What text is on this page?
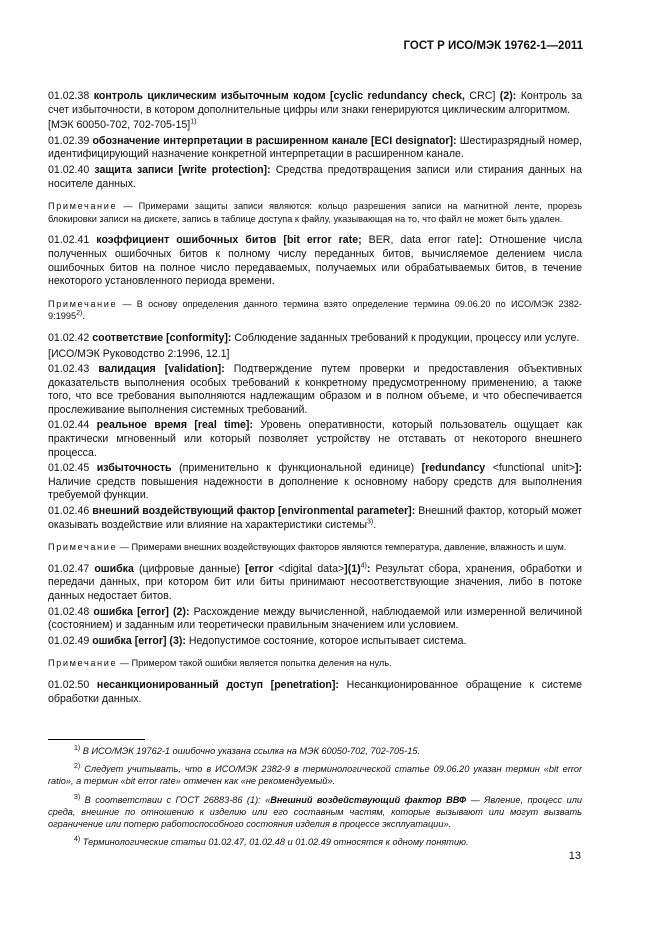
ГОСТ Р ИСО/МЭК 19762-1—2011

01.02.38 контроль циклическим избыточным кодом [cyclic redundancy check, CRC] (2): Контроль за счет избыточности, в котором дополнительные цифры или знаки генерируются циклическим алгоритмом.

[МЭК 60050-702, 702-705-15]$^{1)}$

01.02.39 обозначение интерпретации в расширенном канале [ECI designator]: Шестиразрядный номер, идентифицирующий назначение конкретной интерпретации в расширенном канале.

01.02.40 защита записи [write protection]: Средства предотвращения записи или стирания данных на носителе данных.

Примечание — Примерами защиты записи являются: кольцо разрешения записи на магнитной ленте, прорезь блокировки записи на дискете, запись в таблице доступа к файлу, указывающая на то, что файл не может быть удален.

01.02.41 коэффициент ошибочных битов [bit error rate; BER, data error rate]: Отношение числа полученных ошибочных битов к полному числу переданных битов, вычисляемое делением числа ошибочных битов на полное число передаваемых, получаемых или обрабатываемых битов, в течение некоторого установленного периода времени.

Примечание — В основу определения данного термина взято определение термина 09.06.20 по ИСО/МЭК 2382-9:1995$^{2)}$.

01.02.42 соответствие [conformity]: Соблюдение заданных требований к продукции, процессу или услуге.

[ИСО/МЭК Руководство 2:1996, 12.1]

01.02.43 валидация [validation]: Подтверждение путем проверки и предоставления объективных доказательств выполнения особых требований к конкретному предусмотренному применению, а также того, что все требования выполняются надлежащим образом и в полном объеме, и что обеспечивается прослеживание выполнения системных требований.

01.02.44 реальное время [real time]: Уровень оперативности, который пользователь ощущает как практически мгновенный или который позволяет устройству не отставать от некоторого внешнего процесса.

01.02.45 избыточность (применительно к функциональной единице) [redundancy <functional unit>]: Наличие средств повышения надежности в дополнение к основному набору средств для выполнения требуемой функции.

01.02.46 внешний воздействующий фактор [environmental parameter]: Внешний фактор, который может оказывать воздействие или влияние на характеристики системы$^{3)}$.

Примечание — Примерами внешних воздействующих факторов являются температура, давление, влажность и шум.

01.02.47 ошибка (цифровые данные) [error <digital $data>](1)^{4)}$: Результат сбора, хранения, обработки и передачи данных, при котором бит или биты принимают несоответствующие значения, либо в потоке данных недостает битов.

01.02.48 ошибка [error] (2): Расхождение между вычисленной, наблюдаемой или измеренной величиной (состоянием) и заданным или теоретически правильным значением или условием.

01.02.49 ошибка [error] (3): Недопустимое состояние, которое испытывает система.

Примечание — Примером такой ошибки является попытка деления на нуль.

01.02.50 несанкционированный доступ [penetration]: Несанкционированное обращение к системе обработки данных.

$^{1)}$ В ИСО/МЭК 19762-1 ошибочно указана ссылка на МЭК 60050-702, 702-705-15.

$^{2)}$ Следует учитывать, что в ИСО/МЭК 2382-9 в терминологической статье 09.06.20 указан термин «bit error ratio», а термин «bit error rate» отмечен как «не рекомендуемый».

$^{3)}$ В соответствии с ГОСТ 26883-86 (1): «Внешний воздействующий фактор ВВФ — Явление, процесс или среда, внешние по отношению к изделию или его составным частям, которые вызывают или могут вызвать ограничение или потерю работоспособного состояния изделия в процессе эксплуатации».

$^{4)}$ Терминологические статьи 01.02.47, 01.02.48 и 01.02.49 относятся к одному понятию.

13
